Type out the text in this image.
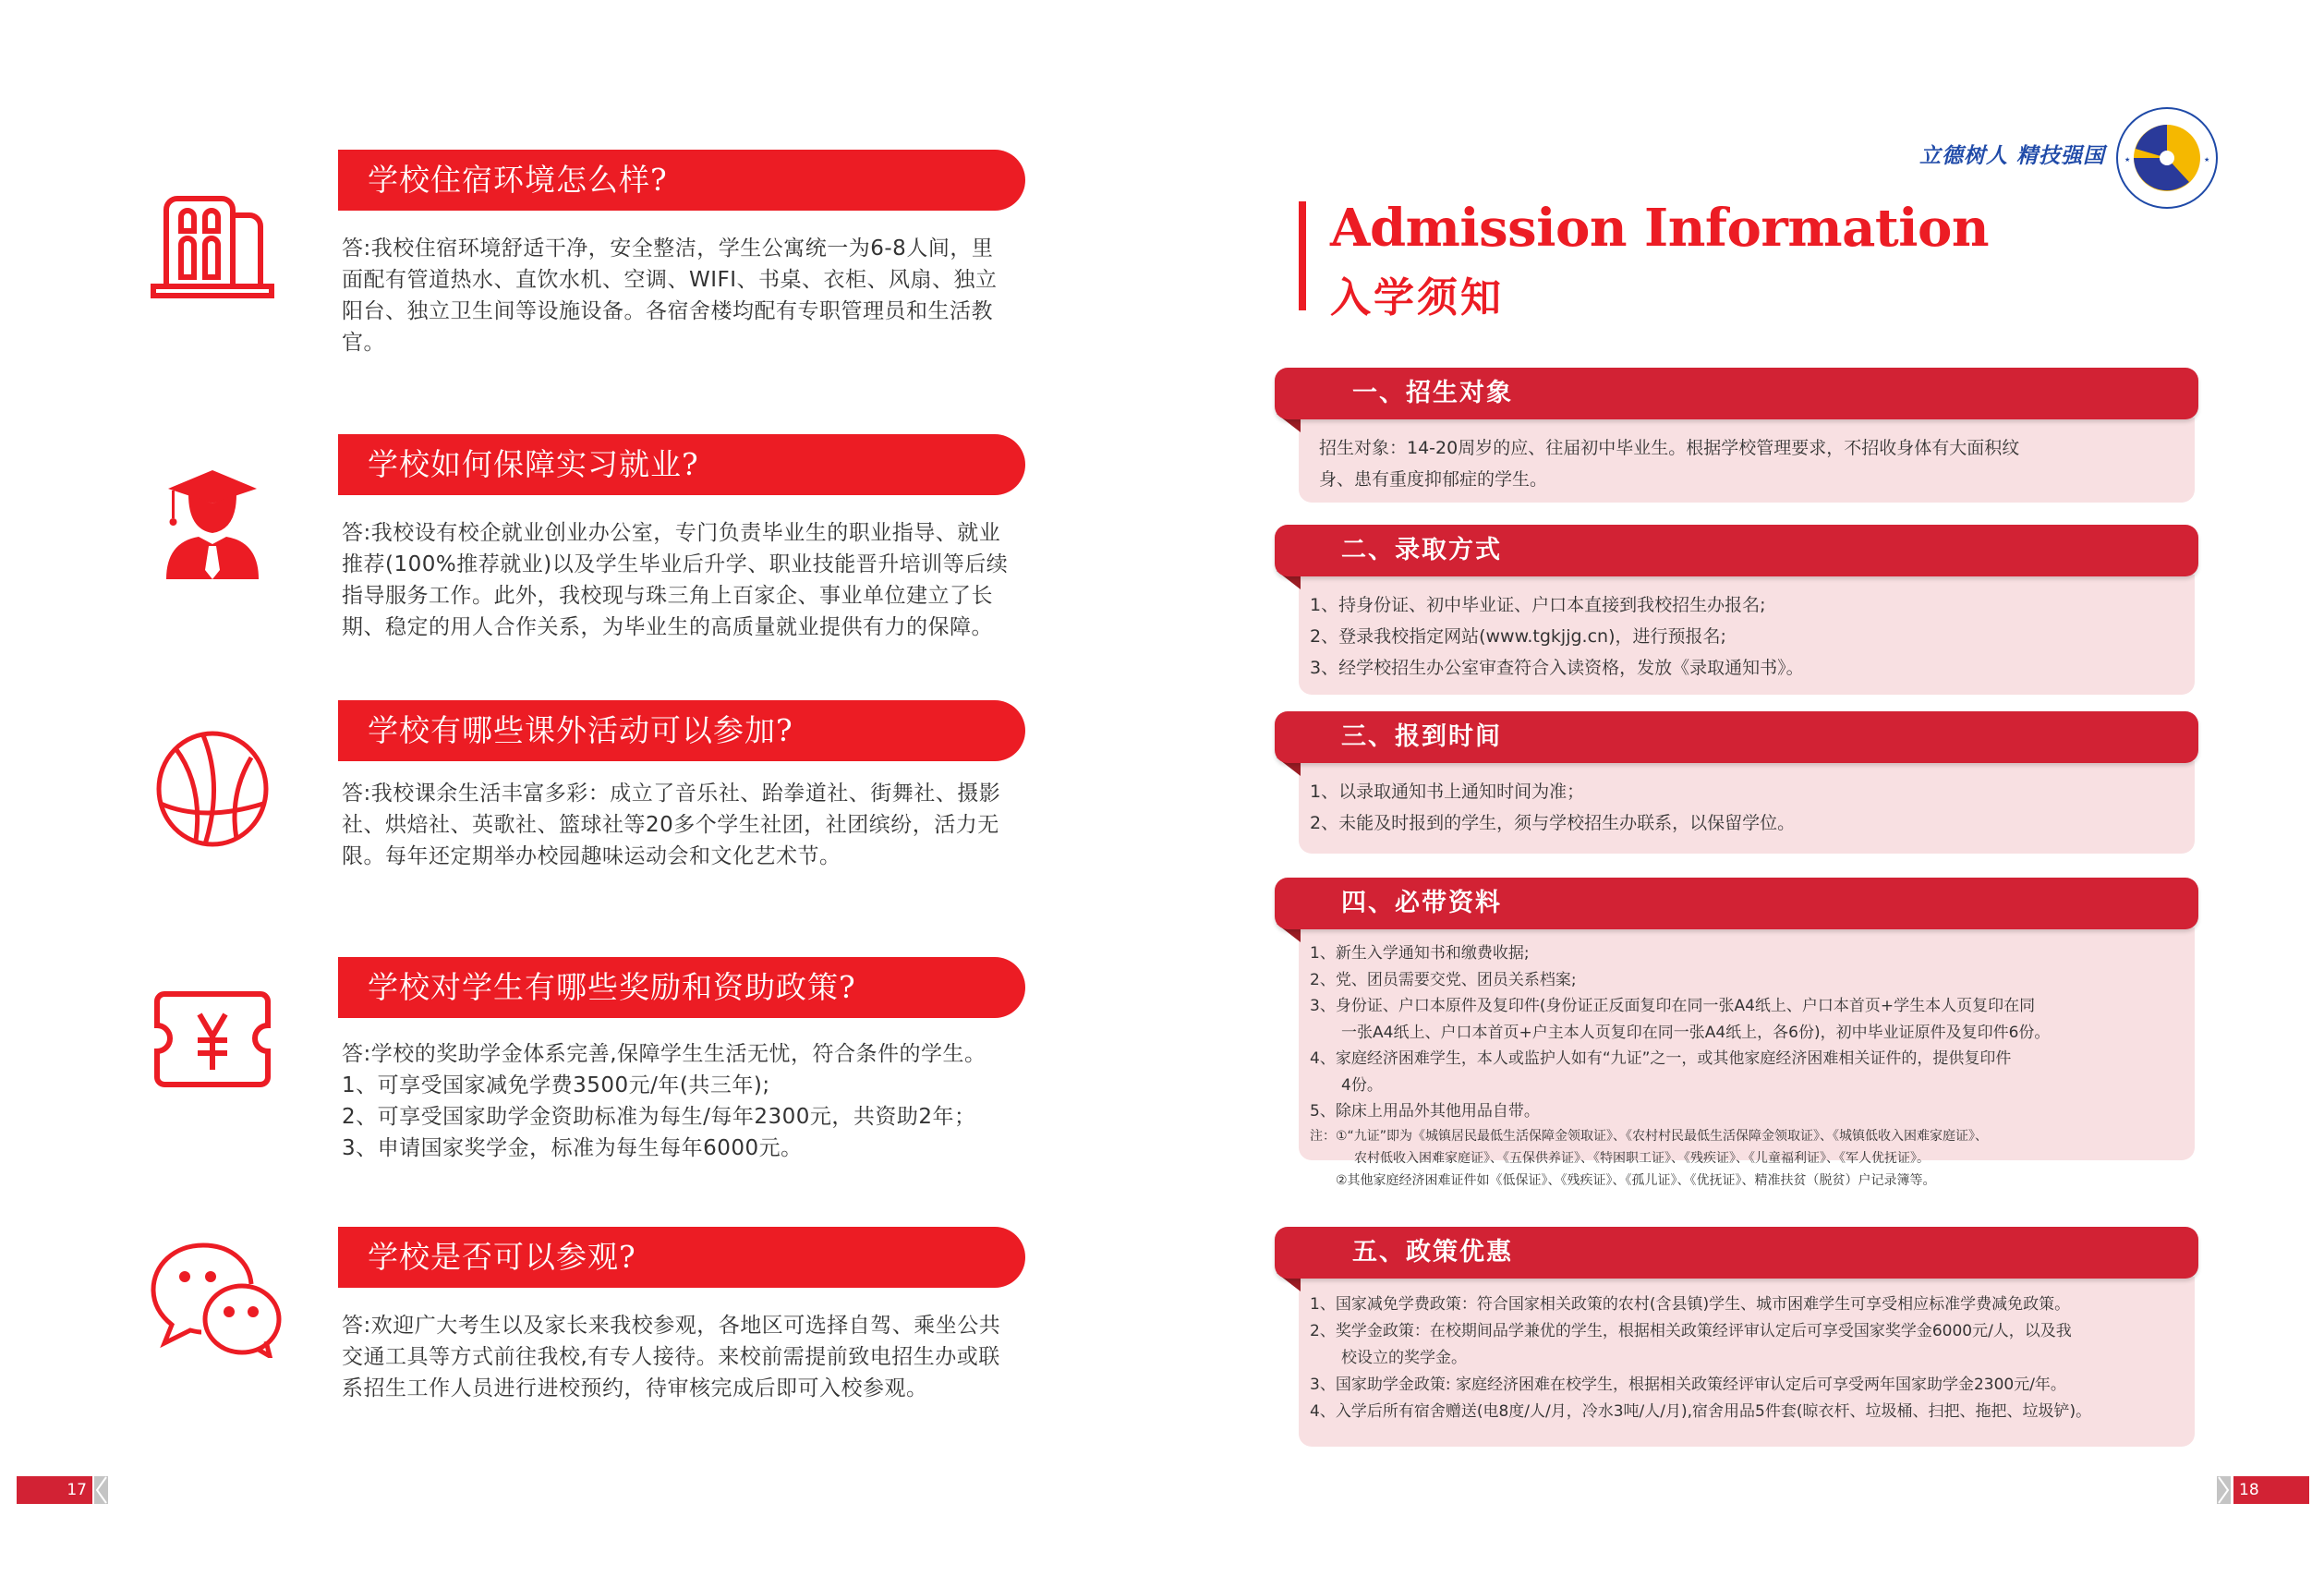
学校住宿环境怎么样?

答:我校住宿环境舒适干净，安全整洁，学生公寓统一为6-8人间，里

面配有管道热水、直饮水机、空调、WIFI、书桌、衣柜、风扇、独立

阳台、独立卫生间等设施设备。各宿舍楼均配有专职管理员和生活教

官。

学校如何保障实习就业?

答:我校设有校企就业创业办公室，专门负责毕业生的职业指导、就业

推荐(100%推荐就业)以及学生毕业后升学、职业技能晋升培训等后续

指导服务工作。此外，我校现与珠三角上百家企、事业单位建立了长

期、稳定的用人合作关系，为毕业生的高质量就业提供有力的保障。

学校有哪些课外活动可以参加?

答:我校课余生活丰富多彩：成立了音乐社、跆拳道社、街舞社、摄影

社、烘焙社、英歌社、篮球社等20多个学生社团，社团缤纷，活力无

限。每年还定期举办校园趣味运动会和文化艺术节。

学校对学生有哪些奖励和资助政策?

答:学校的奖助学金体系完善,保障学生生活无忧，符合条件的学生。

1、可享受国家减免学费3500元/年(共三年);

2、可享受国家助学金资助标准为每生/每年2300元，共资助2年；

3、申请国家奖学金，标准为每生每年6000元。

学校是否可以参观?

答:欢迎广大考生以及家长来我校参观，各地区可选择自驾、乘坐公共

交通工具等方式前往我校,有专人接待。来校前需提前致电招生办或联

系招生工作人员进行进校预约，待审核完成后即可入校参观。

17
立德树人 精技强国	★	★
Admission Information
入学须知
一、招生对象

招生对象：14-20周岁的应、往届初中毕业生。根据学校管理要求，不招收身体有大面积纹

身、患有重度抑郁症的学生。

二、录取方式

1、持身份证、初中毕业证、户口本直接到我校招生办报名;

2、登录我校指定网站(www.tgkjjg.cn)，进行预报名;

3、经学校招生办公室审查符合入读资格，发放《录取通知书》。

三、报到时间

1、以录取通知书上通知时间为准；

2、未能及时报到的学生，须与学校招生办联系，以保留学位。

四、必带资料

1、新生入学通知书和缴费收据;

2、党、团员需要交党、团员关系档案;

3、身份证、户口本原件及复印件(身份证正反面复印在同一张A4纸上、户口本首页+学生本人页复印在同

一张A4纸上、户口本首页+户主本人页复印在同一张A4纸上，各6份)，初中毕业证原件及复印件6份。

4、家庭经济困难学生，本人或监护人如有“九证”之一，或其他家庭经济困难相关证件的，提供复印件

4份。

5、除床上用品外其他用品自带。

注：①“九证”即为《城镇居民最低生活保障金领取证》、《农村村民最低生活保障金领取证》、《城镇低收入困难家庭证》、

农村低收入困难家庭证》、《五保供养证》、《特困职工证》、《残疾证》、《儿童福利证》、《军人优抚证》。

②其他家庭经济困难证件如《低保证》、《残疾证》、《孤儿证》、《优抚证》、精准扶贫（脱贫）户记录簿等。

五、政策优惠

1、国家减免学费政策：符合国家相关政策的农村(含县镇)学生、城市困难学生可享受相应标准学费减免政策。

2、奖学金政策：在校期间品学兼优的学生，根据相关政策经评审认定后可享受国家奖学金6000元/人，以及我

校设立的奖学金。

3、国家助学金政策: 家庭经济困难在校学生，根据相关政策经评审认定后可享受两年国家助学金2300元/年。

4、入学后所有宿舍赠送(电8度/人/月，冷水3吨/人/月),宿舍用品5件套(晾衣杆、垃圾桶、扫把、拖把、垃圾铲)。

18
